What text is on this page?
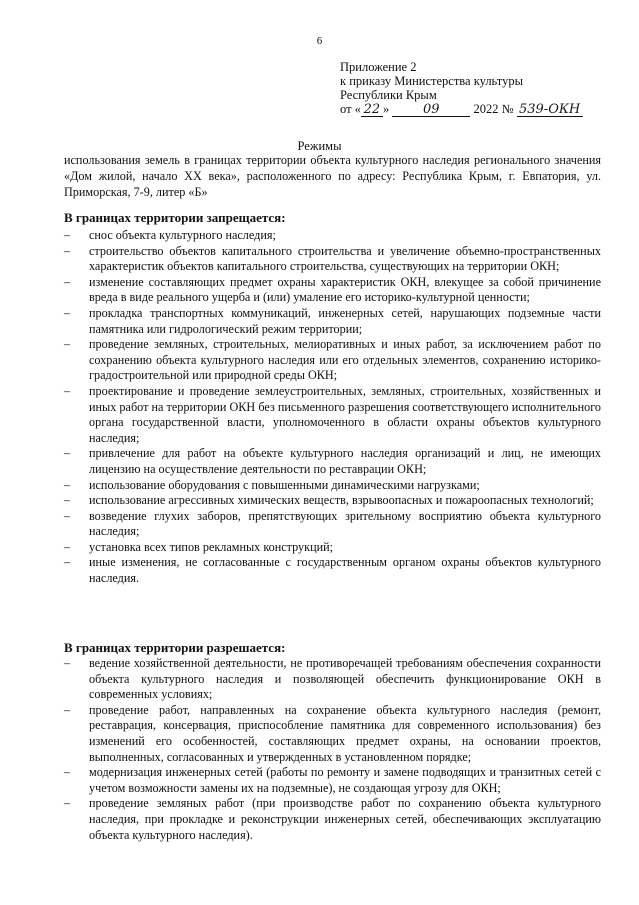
6
Приложение 2
к приказу Министерства культуры
Республики Крым
от « 22 »	09	2022 № 539-ОКН
Режимы
использования земель в границах территории объекта культурного наследия регионального значения «Дом жилой, начало XX века», расположенного по адресу: Республика Крым, г. Евпатория, ул. Приморская, 7-9, литер «Б»
В границах территории запрещается:
– снос объекта культурного наследия;
– строительство объектов капитального строительства и увеличение объемно-пространственных характеристик объектов капитального строительства, существующих на территории ОКН;
– изменение составляющих предмет охраны характеристик ОКН, влекущее за собой причинение вреда в виде реального ущерба и (или) умаление его историко-культурной ценности;
– прокладка транспортных коммуникаций, инженерных сетей, нарушающих подземные части памятника или гидрологический режим территории;
– проведение земляных, строительных, мелиоративных и иных работ, за исключением работ по сохранению объекта культурного наследия или его отдельных элементов, сохранению историко-градостроительной или природной среды ОКН;
– проектирование и проведение землеустроительных, земляных, строительных, хозяйственных и иных работ на территории ОКН без письменного разрешения соответствующего исполнительного органа государственной власти, уполномоченного в области охраны объектов культурного наследия;
– привлечение для работ на объекте культурного наследия организаций и лиц, не имеющих лицензию на осуществление деятельности по реставрации ОКН;
– использование оборудования с повышенными динамическими нагрузками;
– использование агрессивных химических веществ, взрывоопасных и пожароопасных технологий;
– возведение глухих заборов, препятствующих зрительному восприятию объекта культурного наследия;
– установка всех типов рекламных конструкций;
– иные изменения, не согласованные с государственным органом охраны объектов культурного наследия.
В границах территории разрешается:
– ведение хозяйственной деятельности, не противоречащей требованиям обеспечения сохранности объекта культурного наследия и позволяющей обеспечить функционирование ОКН в современных условиях;
– проведение работ, направленных на сохранение объекта культурного наследия (ремонт, реставрация, консервация, приспособление памятника для современного использования) без изменений его особенностей, составляющих предмет охраны, на основании проектов, выполненных, согласованных и утвержденных в установленном порядке;
– модернизация инженерных сетей (работы по ремонту и замене подводящих и транзитных сетей с учетом возможности замены их на подземные), не создающая угрозу для ОКН;
– проведение земляных работ (при производстве работ по сохранению объекта культурного наследия, при прокладке и реконструкции инженерных сетей, обеспечивающих эксплуатацию объекта культурного наследия).
